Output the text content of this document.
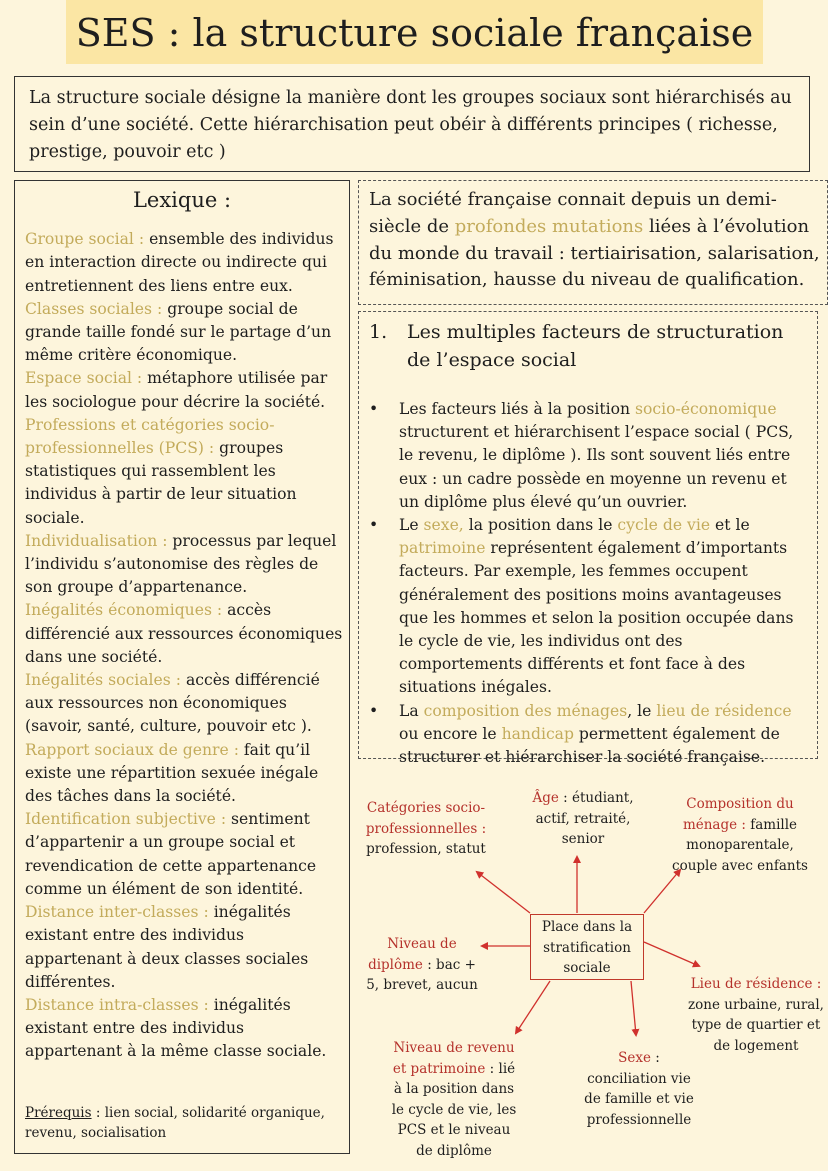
SES : la structure sociale française
La structure sociale désigne la manière dont les groupes sociaux sont hiérarchisés au sein d’une société. Cette hiérarchisation peut obéir à différents principes ( richesse, prestige, pouvoir etc )
Lexique :

Groupe social : ensemble des individus en interaction directe ou indirecte qui entretiennent des liens entre eux.

Classes sociales : groupe social de grande taille fondé sur le partage d’un même critère économique.

Espace social : métaphore utilisée par les sociologue pour décrire la société.

Professions et catégories socio-professionnelles (PCS) : groupes statistiques qui rassemblent les individus à partir de leur situation sociale.

Individualisation : processus par lequel l’individu s’autonomise des règles de son groupe d’appartenance.

Inégalités économiques : accès différencié aux ressources économiques dans une société.

Inégalités sociales : accès différencié aux ressources non économiques (savoir, santé, culture, pouvoir etc ).

Rapport sociaux de genre : fait qu’il existe une répartition sexuée inégale des tâches dans la société.

Identification subjective : sentiment d’appartenir a un groupe social et revendication de cette appartenance comme un élément de son identité.

Distance inter-classes : inégalités existant entre des individus appartenant à deux classes sociales différentes.

Distance intra-classes : inégalités existant entre des individus appartenant à la même classe sociale.

Prérequis : lien social, solidarité organique, revenu, socialisation
La société française connait depuis un demi-siècle de profondes mutations liées à l’évolution du monde du travail : tertiairisation, salarisation, féminisation, hausse du niveau de qualification.
1. Les multiples facteurs de structuration de l’espace social
• Les facteurs liés à la position socio-économique structurent et hiérarchisent l’espace social ( PCS, le revenu, le diplôme ). Ils sont souvent liés entre eux : un cadre possède en moyenne un revenu et un diplôme plus élevé qu’un ouvrier.
• Le sexe, la position dans le cycle de vie et le patrimoine représentent également d’importants facteurs. Par exemple, les femmes occupent généralement des positions moins avantageuses que les hommes et selon la position occupée dans le cycle de vie, les individus ont des comportements différents et font face à des situations inégales.
• La composition des ménages, le lieu de résidence ou encore le handicap permettent également de structurer et hiérarchiser la société française.
Place dans la stratification sociale
Catégories socio-professionnelles : profession, statut
Âge : étudiant, actif, retraité, senior
Composition du ménage : famille monoparentale, couple avec enfants
Niveau de diplôme : bac + 5, brevet, aucun	Lieu de résidence : zone urbaine, rural, type de quartier et de logement
Niveau de revenu et patrimoine : lié à la position dans le cycle de vie, les PCS et le niveau de diplôme
Sexe : conciliation vie de famille et vie professionnelle
